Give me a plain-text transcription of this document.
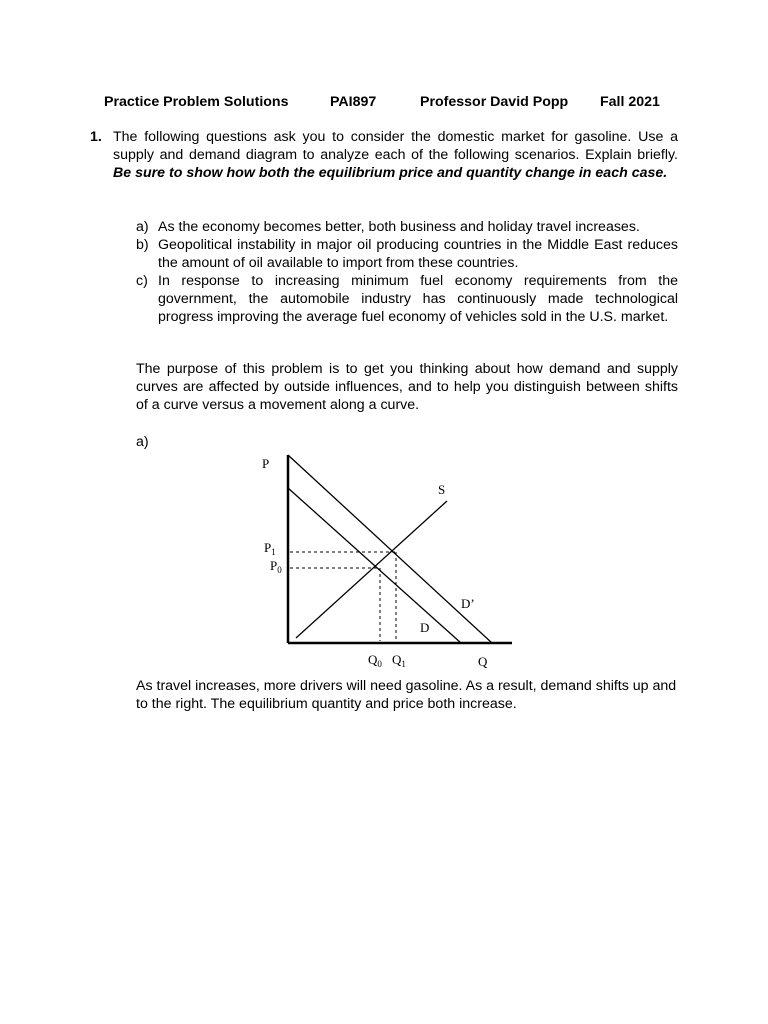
Practice Problem Solutions	PAI897	Professor David Popp Fall 2021
1. The following questions ask you to consider the domestic market for gasoline. Use a supply and demand diagram to analyze each of the following scenarios. Explain briefly. Be sure to show how both the equilibrium price and quantity change in each case.
a) As the economy becomes better, both business and holiday travel increases.
b) Geopolitical instability in major oil producing countries in the Middle East reduces the amount of oil available to import from these countries.
c) In response to increasing minimum fuel economy requirements from the government, the automobile industry has continuously made technological progress improving the average fuel economy of vehicles sold in the U.S. market.
The purpose of this problem is to get you thinking about how demand and supply curves are affected by outside influences, and to help you distinguish between shifts of a curve versus a movement along a curve.
a)
P
Q
S
D
D’
$P_1$
$P_0$
$Q_0$ $Q_1$
As travel increases, more drivers will need gasoline. As a result, demand shifts up and to the right. The equilibrium quantity and price both increase.
